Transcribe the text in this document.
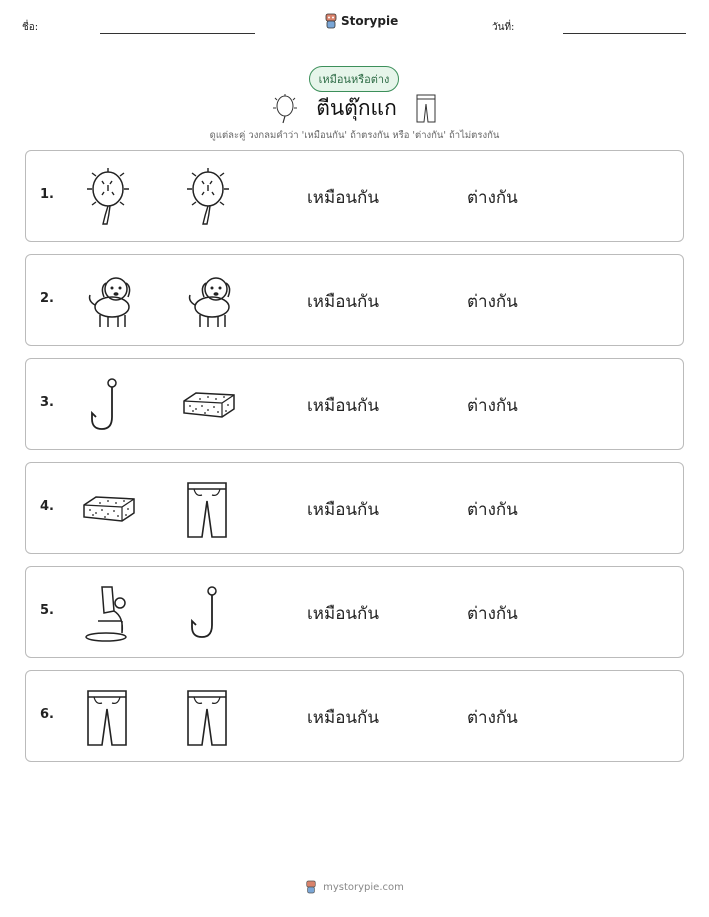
ชื่อ:	Storypie	วันที่:
เหมือนหรือต่าง
ตีนตุ๊กแก
ดูแต่ละคู่ วงกลมคำว่า 'เหมือนกัน' ถ้าตรงกัน หรือ 'ต่างกัน' ถ้าไม่ตรงกัน
1.	เหมือนกัน	ต่างกัน
2.	เหมือนกัน	ต่างกัน
3.	เหมือนกัน	ต่างกัน
4.	เหมือนกัน	ต่างกัน
5.	เหมือนกัน	ต่างกัน
6.	เหมือนกัน	ต่างกัน
mystorypie.com
